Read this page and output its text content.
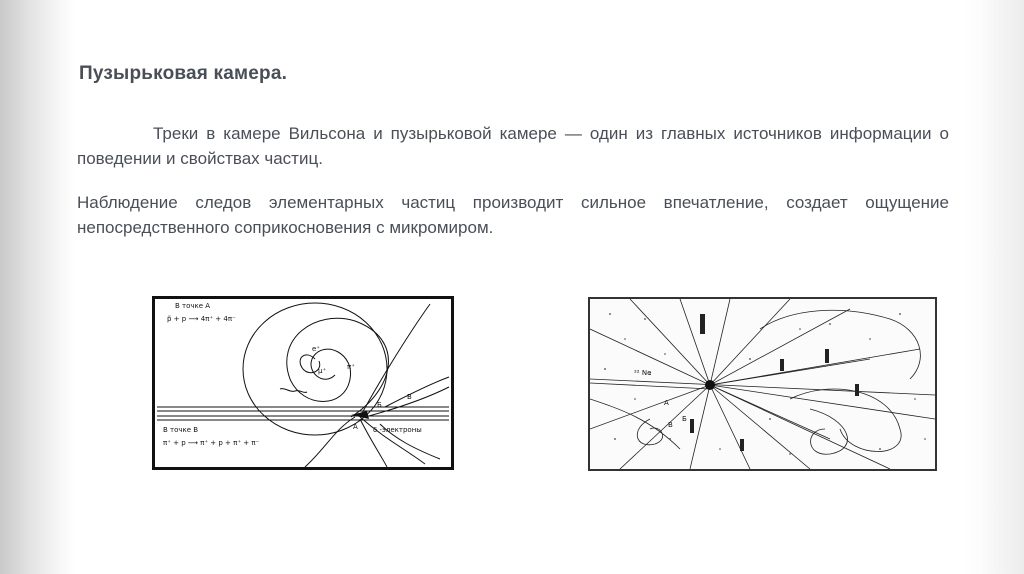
Пузырьковая камера.
Треки в камере Вильсона и пузырьковой камере — один из главных источников информации о поведении и свойствах частиц.
Наблюдение следов элементарных частиц производит сильное впечатление, создает ощущение непосредственного соприкосновения с микромиром.
В точке A
p̃ + p ⟶ 4π⁺ + 4π⁻
В точке B
π⁺ + p ⟶ π⁺ + p + π⁺ + π⁻
e⁺
μ⁺	π⁺
A
B
Б
δ -электроны
²² Ne
А
Б
В
